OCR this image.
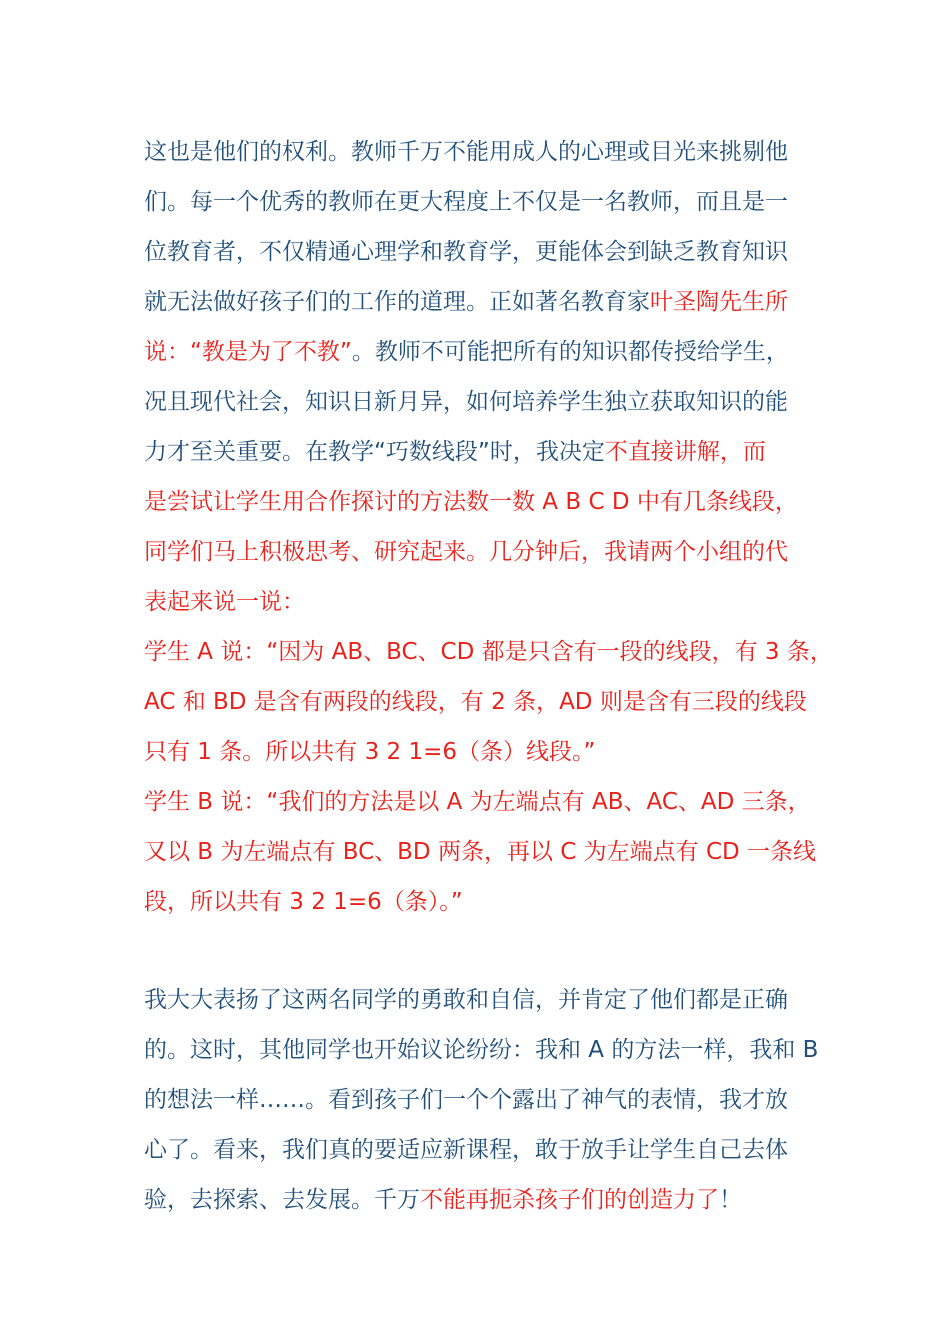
这也是他们的权利。教师千万不能用成人的心理或目光来挑剔他
们。每一个优秀的教师在更大程度上不仅是一名教师，而且是一
位教育者，不仅精通心理学和教育学，更能体会到缺乏教育知识
就无法做好孩子们的工作的道理。正如著名教育家叶圣陶先生所
说：“教是为了不教”。教师不可能把所有的知识都传授给学生，
况且现代社会，知识日新月异，如何培养学生独立获取知识的能
力才至关重要。在教学“巧数线段”时，我决定不直接讲解，而
是尝试让学生用合作探讨的方法数一数 A B C D 中有几条线段，
同学们马上积极思考、研究起来。几分钟后，我请两个小组的代
表起来说一说：
学生 A 说：“因为 AB、BC、CD 都是只含有一段的线段，有 3 条，
AC 和 BD 是含有两段的线段，有 2 条，AD 则是含有三段的线段
只有 1 条。所以共有 3 2 1=6（条）线段。”
学生 B 说：“我们的方法是以 A 为左端点有 AB、AC、AD 三条，
又以 B 为左端点有 BC、BD 两条，再以 C 为左端点有 CD 一条线
段，所以共有 3 2 1=6（条）。”
我大大表扬了这两名同学的勇敢和自信，并肯定了他们都是正确
的。这时，其他同学也开始议论纷纷：我和 A 的方法一样，我和 B
的想法一样……。看到孩子们一个个露出了神气的表情，我才放
心了。看来，我们真的要适应新课程，敢于放手让学生自己去体
验，去探索、去发展。千万不能再扼杀孩子们的创造力了！
